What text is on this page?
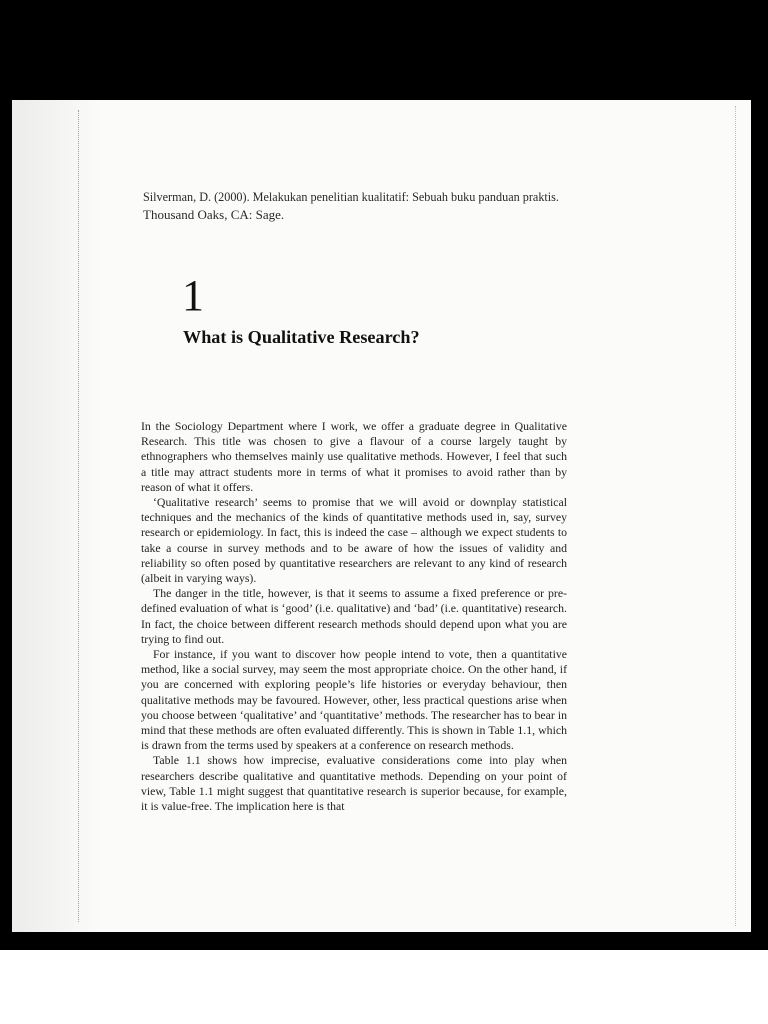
Silverman, D. (2000). Melakukan penelitian kualitatif: Sebuah buku panduan praktis.
Thousand Oaks, CA: Sage.
1
What is Qualitative Research?

In the Sociology Department where I work, we offer a graduate degree in Qualitative Research. This title was chosen to give a flavour of a course largely taught by ethnographers who themselves mainly use qualitative methods. However, I feel that such a title may attract students more in terms of what it promises to avoid rather than by reason of what it offers.

‘Qualitative research’ seems to promise that we will avoid or downplay statistical techniques and the mechanics of the kinds of quantitative methods used in, say, survey research or epidemiology. In fact, this is indeed the case – although we expect students to take a course in survey methods and to be aware of how the issues of validity and reliability so often posed by quantitative researchers are relevant to any kind of research (albeit in varying ways).

The danger in the title, however, is that it seems to assume a fixed preference or pre-defined evaluation of what is ‘good’ (i.e. qualitative) and ‘bad’ (i.e. quantitative) research. In fact, the choice between different research methods should depend upon what you are trying to find out.

For instance, if you want to discover how people intend to vote, then a quantitative method, like a social survey, may seem the most appropriate choice. On the other hand, if you are concerned with exploring people’s life histories or everyday behaviour, then qualitative methods may be favoured. However, other, less practical questions arise when you choose between ‘qualitative’ and ‘quantitative’ methods. The researcher has to bear in mind that these methods are often evaluated differently. This is shown in Table 1.1, which is drawn from the terms used by speakers at a conference on research methods.

Table 1.1 shows how imprecise, evaluative considerations come into play when researchers describe qualitative and quantitative methods. Depending on your point of view, Table 1.1 might suggest that quantitative research is superior because, for example, it is value-free. The implication here is that
